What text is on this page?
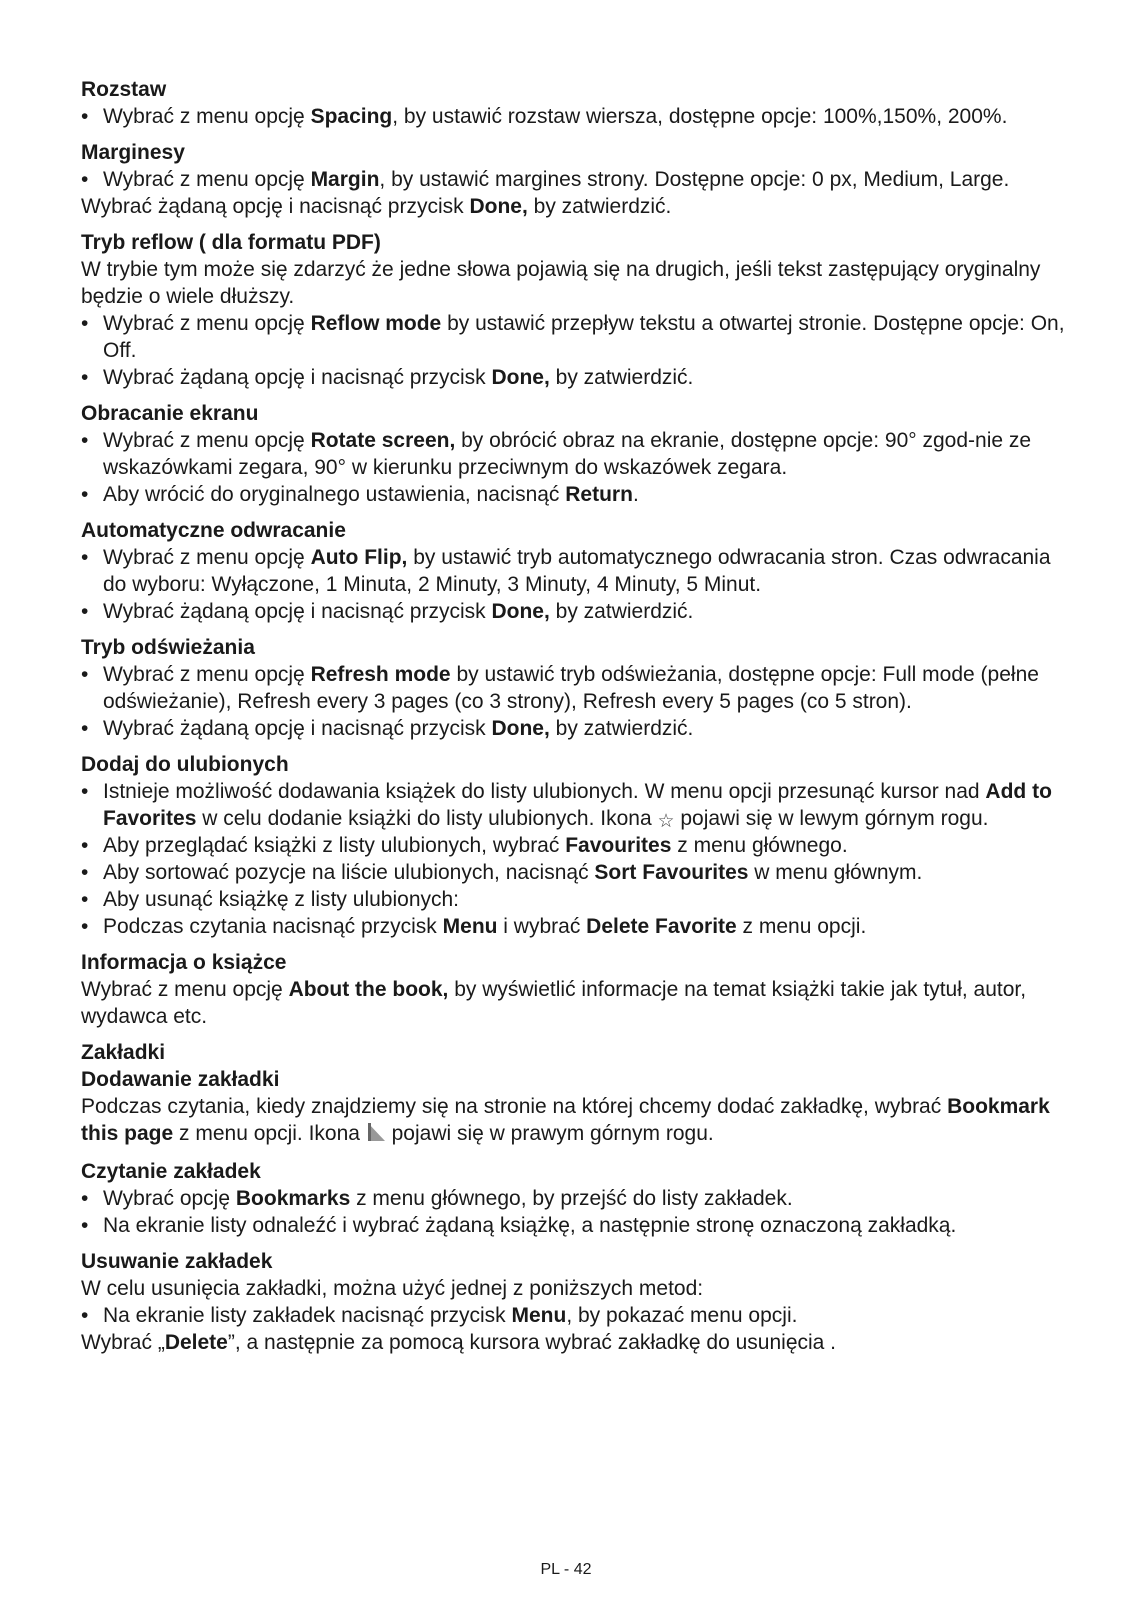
Rozstaw
• Wybrać z menu opcję Spacing, by ustawić rozstaw wiersza, dostępne opcje: 100%,150%, 200%.
Marginesy
• Wybrać z menu opcję Margin, by ustawić margines strony. Dostępne opcje: 0 px, Medium, Large.
Wybrać żądaną opcję i nacisnąć przycisk Done, by zatwierdzić.
Tryb reflow ( dla formatu PDF)
W trybie tym może się zdarzyć że jedne słowa pojawią się na drugich, jeśli tekst zastępujący oryginalny będzie o wiele dłuższy.
• Wybrać z menu opcję Reflow mode by ustawić przepływ tekstu a otwartej stronie. Dostępne opcje: On, Off.
• Wybrać żądaną opcję i nacisnąć przycisk Done, by zatwierdzić.
Obracanie ekranu
• Wybrać z menu opcję Rotate screen, by obrócić obraz na ekranie, dostępne opcje: 90° zgod-nie ze wskazówkami zegara, 90° w kierunku przeciwnym do wskazówek zegara.
• Aby wrócić do oryginalnego ustawienia, nacisnąć Return.
Automatyczne odwracanie
• Wybrać z menu opcję Auto Flip, by ustawić tryb automatycznego odwracania stron. Czas odwracania do wyboru: Wyłączone, 1 Minuta, 2 Minuty, 3 Minuty, 4 Minuty, 5 Minut.
• Wybrać żądaną opcję i nacisnąć przycisk Done, by zatwierdzić.
Tryb odświeżania
• Wybrać z menu opcję Refresh mode by ustawić tryb odświeżania, dostępne opcje: Full mode (pełne odświeżanie), Refresh every 3 pages (co 3 strony), Refresh every 5 pages (co 5 stron).
• Wybrać żądaną opcję i nacisnąć przycisk Done, by zatwierdzić.
Dodaj do ulubionych
• Istnieje możliwość dodawania książek do listy ulubionych. W menu opcji przesunąć kursor nad Add to Favorites w celu dodanie książki do listy ulubionych. Ikona ☆ pojawi się w lewym górnym rogu.
• Aby przeglądać książki z listy ulubionych, wybrać Favourites z menu głównego.
• Aby sortować pozycje na liście ulubionych, nacisnąć Sort Favourites w menu głównym.
• Aby usunąć książkę z listy ulubionych:
• Podczas czytania nacisnąć przycisk Menu i wybrać Delete Favorite z menu opcji.
Informacja o książce
Wybrać z menu opcję About the book, by wyświetlić informacje na temat książki takie jak tytuł, autor, wydawca etc.
Zakładki
Dodawanie zakładki
Podczas czytania, kiedy znajdziemy się na stronie na której chcemy dodać zakładkę, wybrać Bookmark this page z menu opcji. Ikona  pojawi się w prawym górnym rogu.
Czytanie zakładek
• Wybrać opcję Bookmarks z menu głównego, by przejść do listy zakładek.
• Na ekranie listy odnaleźć i wybrać żądaną książkę, a następnie stronę oznaczoną zakładką.
Usuwanie zakładek
W celu usunięcia zakładki, można użyć jednej z poniższych metod:
• Na ekranie listy zakładek nacisnąć przycisk Menu, by pokazać menu opcji.
Wybrać „Delete”, a następnie za pomocą kursora wybrać zakładkę do usunięcia .
PL - 42
